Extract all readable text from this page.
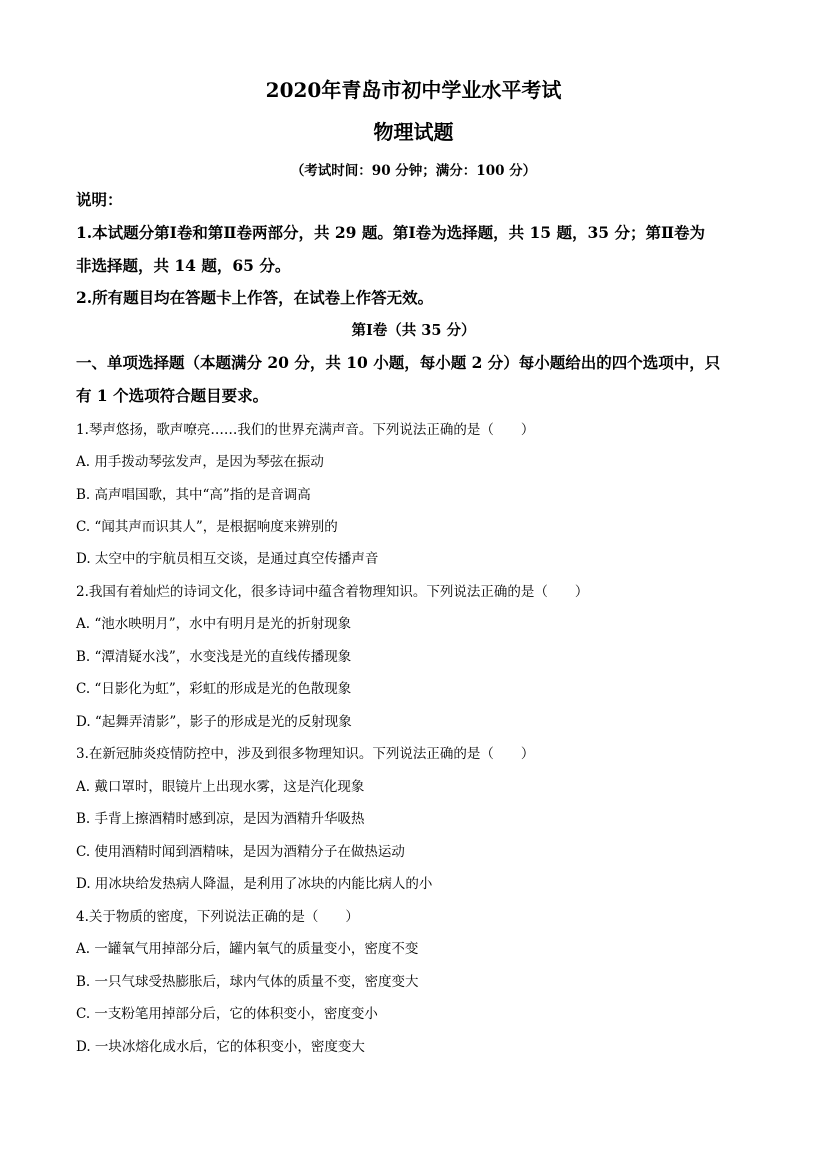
2020年青岛市初中学业水平考试
物理试题
（考试时间：90 分钟；满分：100 分）
说明：
1.本试题分第Ⅰ卷和第Ⅱ卷两部分，共 29 题。第Ⅰ卷为选择题，共 15 题，35 分；第Ⅱ卷为
非选择题，共 14 题，65 分。
2.所有题目均在答题卡上作答，在试卷上作答无效。
第Ⅰ卷（共 35 分）
一、单项选择题（本题满分 20 分，共 10 小题，每小题 2 分）每小题给出的四个选项中，只
有 1 个选项符合题目要求。
1.琴声悠扬，歌声嘹亮……我们的世界充满声音。下列说法正确的是（　　）
A. 用手拨动琴弦发声，是因为琴弦在振动
B. 高声唱国歌，其中“高”指的是音调高
C. “闻其声而识其人”，是根据响度来辨别的
D. 太空中的宇航员相互交谈，是通过真空传播声音
2.我国有着灿烂的诗词文化，很多诗词中蕴含着物理知识。下列说法正确的是（　　）
A. “池水映明月”，水中有明月是光的折射现象
B. “潭清疑水浅”，水变浅是光的直线传播现象
C. “日影化为虹”，彩虹的形成是光的色散现象
D. “起舞弄清影”，影子的形成是光的反射现象
3.在新冠肺炎疫情防控中，涉及到很多物理知识。下列说法正确的是（　　）
A. 戴口罩时，眼镜片上出现水雾，这是汽化现象
B. 手背上擦酒精时感到凉，是因为酒精升华吸热
C. 使用酒精时闻到酒精味，是因为酒精分子在做热运动
D. 用冰块给发热病人降温，是利用了冰块的内能比病人的小
4.关于物质的密度，下列说法正确的是（　　）
A. 一罐氧气用掉部分后，罐内氧气的质量变小，密度不变
B. 一只气球受热膨胀后，球内气体的质量不变，密度变大
C. 一支粉笔用掉部分后，它的体积变小，密度变小
D. 一块冰熔化成水后，它的体积变小，密度变大
